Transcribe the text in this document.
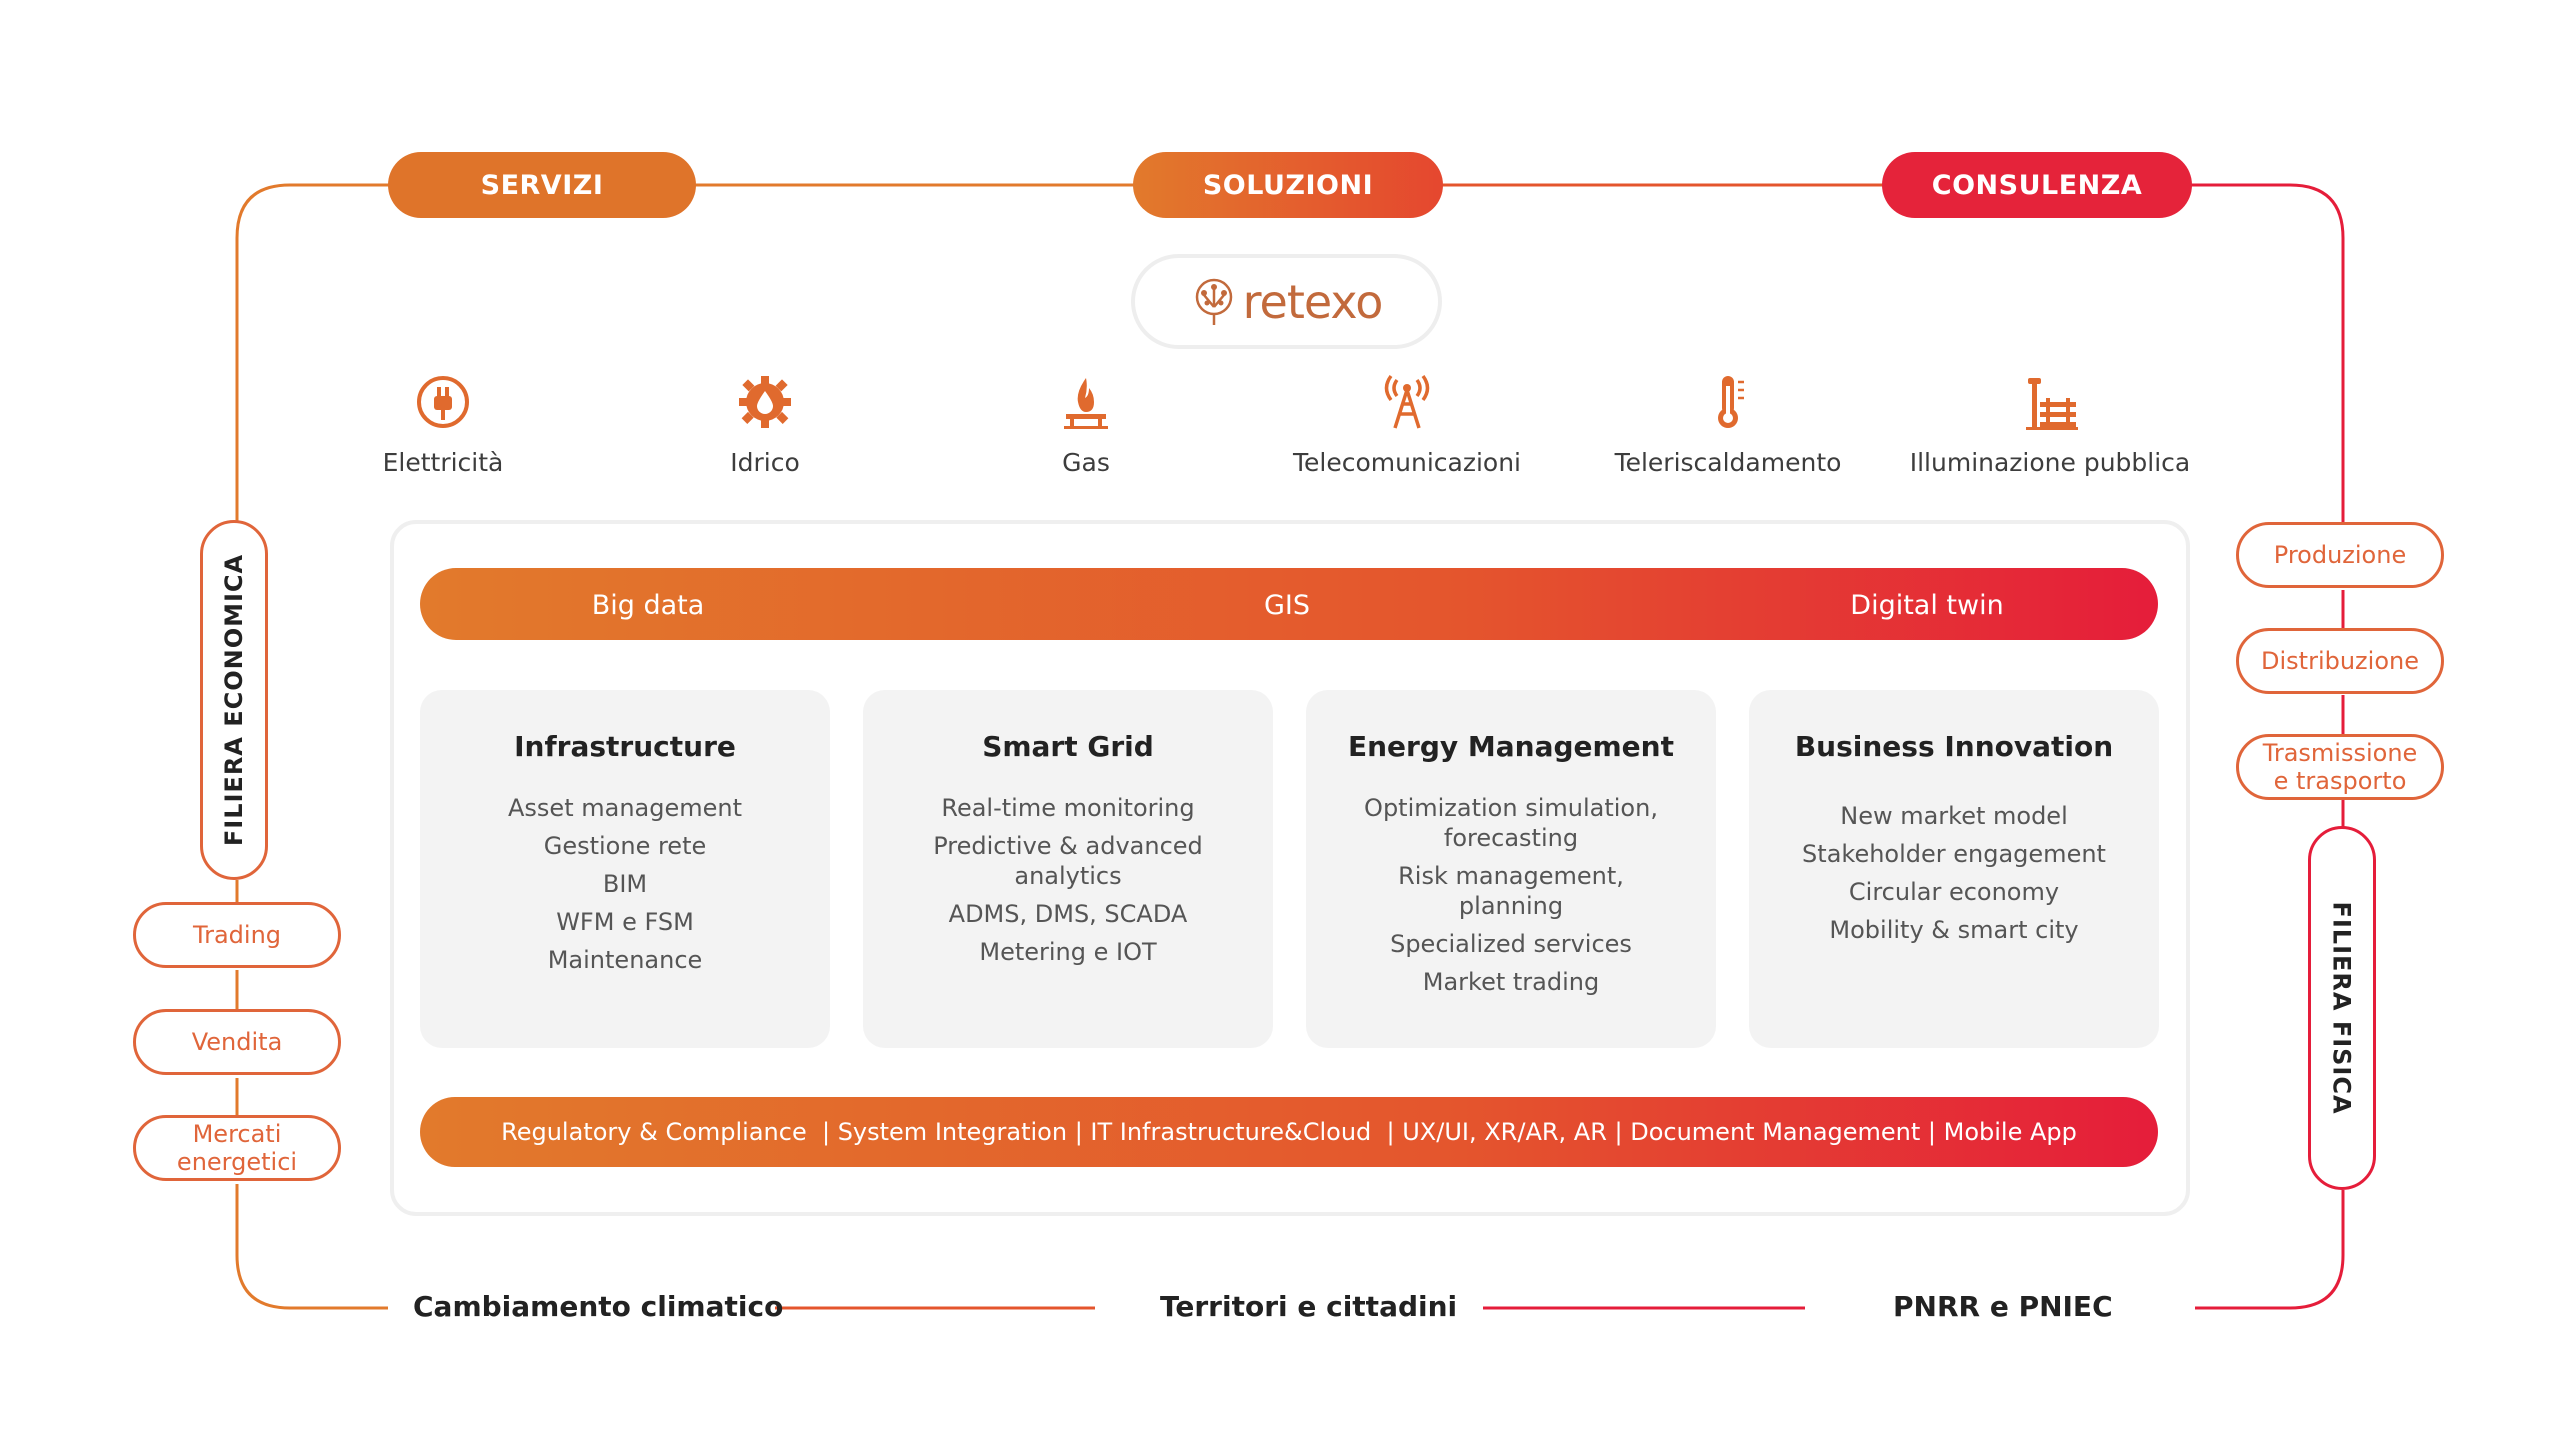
SERVIZI	SOLUZIONI	CONSULENZA
retexo
Elettricità	Idrico	Gas	Telecomunicazioni	Teleriscaldamento	Illuminazione pubblica
Big data	GIS	Digital twin
Infrastructure
Asset management
Gestione rete
BIM
WFM e FSM
Maintenance
Smart Grid
Real-time monitoring
Predictive & advanced analytics
ADMS, DMS, SCADA
Metering e IOT
Energy Management
Optimization simulation, forecasting
Risk management, planning
Specialized services
Market trading
Business Innovation
New market model
Stakeholder engagement
Circular economy
Mobility & smart city
Regulatory & Compliance  | System Integration | IT Infrastructure&Cloud  | UX/UI, XR/AR, AR | Document Management | Mobile App
FILIERA ECONOMICA
Trading
Vendita
Mercati energetici
Produzione
Distribuzione
Trasmissione e trasporto
FILIERA FISICA
Cambiamento climatico	Territori e cittadini	PNRR e PNIEC
